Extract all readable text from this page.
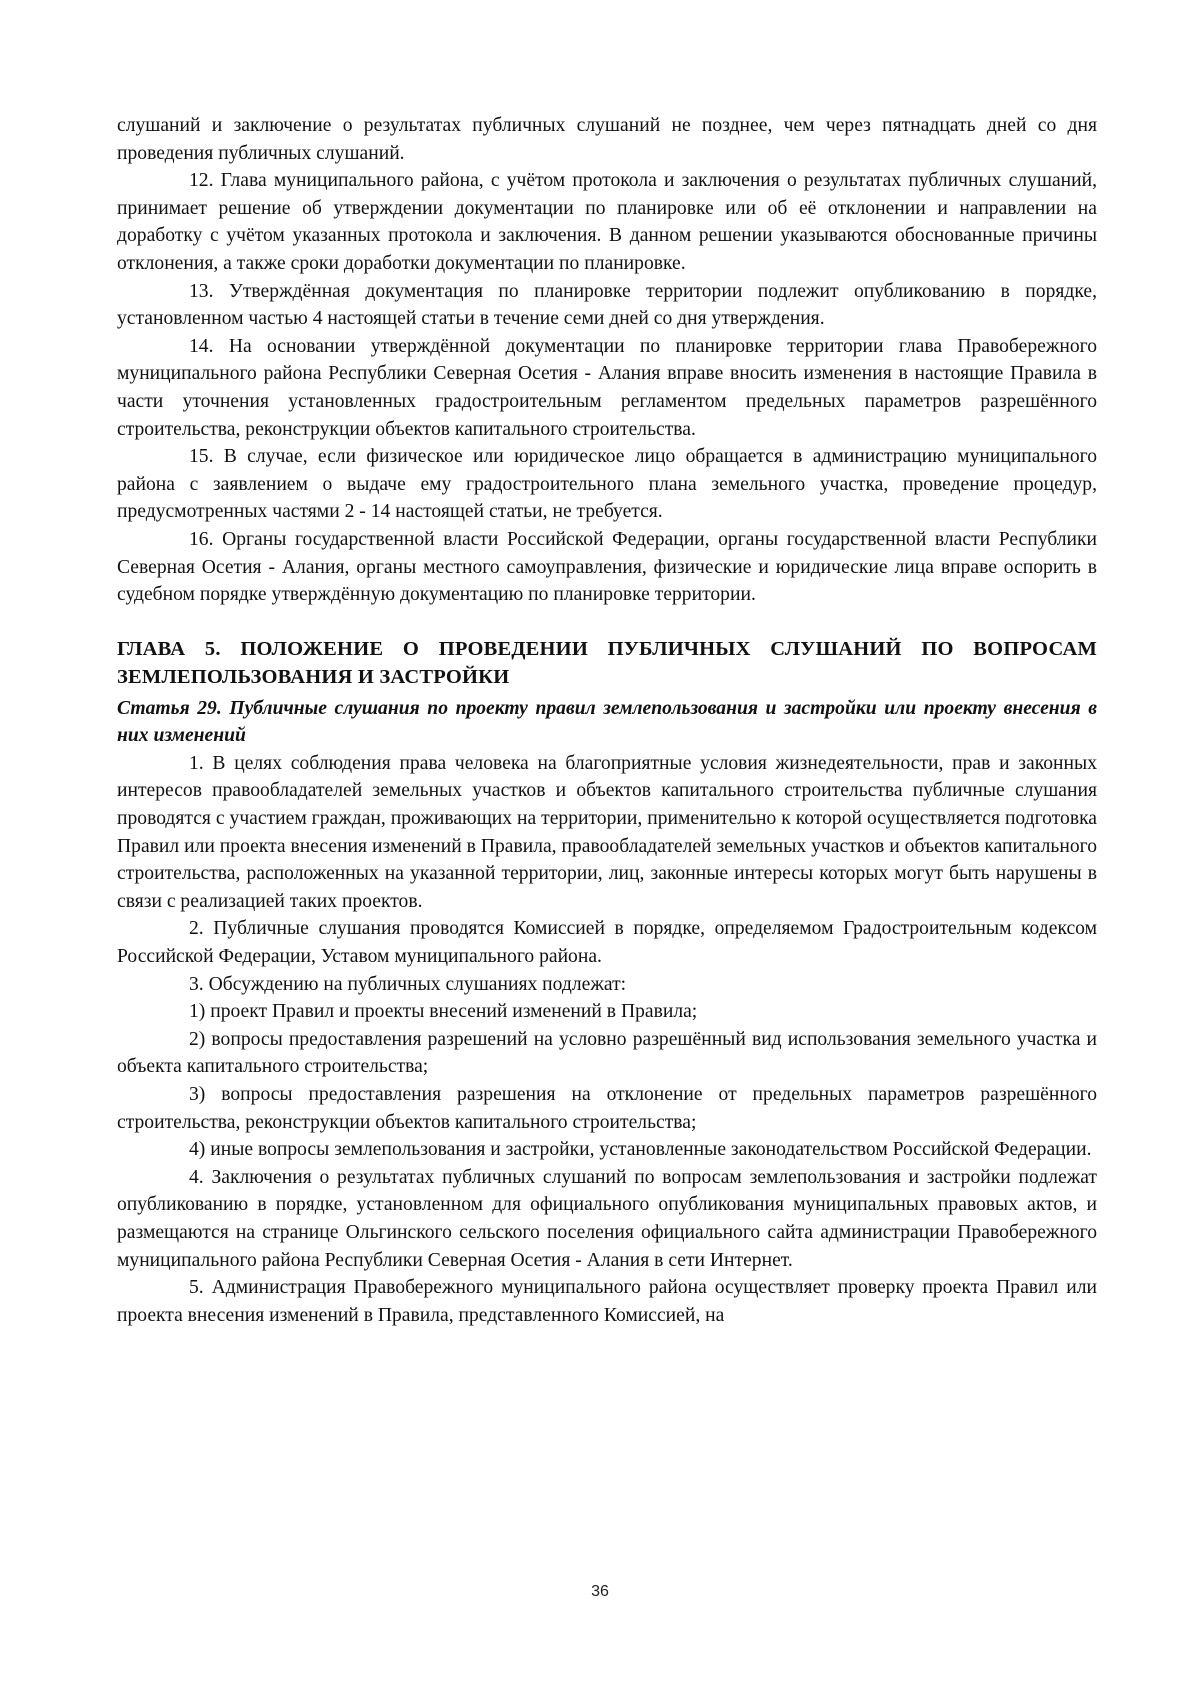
слушаний и заключение о результатах публичных слушаний не позднее, чем через пятнадцать дней со дня проведения публичных слушаний.

12. Глава муниципального района, с учётом протокола и заключения о результатах публичных слушаний, принимает решение об утверждении документации по планировке или об её отклонении и направлении на доработку с учётом указанных протокола и заключения. В данном решении указываются обоснованные причины отклонения, а также сроки доработки документации по планировке.

13. Утверждённая документация по планировке территории подлежит опубликованию в порядке, установленном частью 4 настоящей статьи в течение семи дней со дня утверждения.

14. На основании утверждённой документации по планировке территории глава Правобережного муниципального района Республики Северная Осетия - Алания вправе вносить изменения в настоящие Правила в части уточнения установленных градостроительным регламентом предельных параметров разрешённого строительства, реконструкции объектов капитального строительства.

15. В случае, если физическое или юридическое лицо обращается в администрацию муниципального района с заявлением о выдаче ему градостроительного плана земельного участка, проведение процедур, предусмотренных частями 2 - 14 настоящей статьи, не требуется.

16. Органы государственной власти Российской Федерации, органы государственной власти Республики Северная Осетия - Алания, органы местного самоуправления, физические и юридические лица вправе оспорить в судебном порядке утверждённую документацию по планировке территории.

ГЛАВА 5. ПОЛОЖЕНИЕ О ПРОВЕДЕНИИ ПУБЛИЧНЫХ СЛУШАНИЙ ПО ВОПРОСАМ ЗЕМЛЕПОЛЬЗОВАНИЯ И ЗАСТРОЙКИ
Статья 29. Публичные слушания по проекту правил землепользования и застройки или проекту внесения в них изменений

1. В целях соблюдения права человека на благоприятные условия жизнедеятельности, прав и законных интересов правообладателей земельных участков и объектов капитального строительства публичные слушания проводятся с участием граждан, проживающих на территории, применительно к которой осуществляется подготовка Правил или проекта внесения изменений в Правила, правообладателей земельных участков и объектов капитального строительства, расположенных на указанной территории, лиц, законные интересы которых могут быть нарушены в связи с реализацией таких проектов.

2. Публичные слушания проводятся Комиссией в порядке, определяемом Градостроительным кодексом Российской Федерации, Уставом муниципального района.

3. Обсуждению на публичных слушаниях подлежат:

1) проект Правил и проекты внесений изменений в Правила;

2) вопросы предоставления разрешений на условно разрешённый вид использования земельного участка и объекта капитального строительства;

3) вопросы предоставления разрешения на отклонение от предельных параметров разрешённого строительства, реконструкции объектов капитального строительства;

4) иные вопросы землепользования и застройки, установленные законодательством Российской Федерации.

4. Заключения о результатах публичных слушаний по вопросам землепользования и застройки подлежат опубликованию в порядке, установленном для официального опубликования муниципальных правовых актов, и размещаются на странице Ольгинского сельского поселения официального сайта администрации Правобережного муниципального района Республики Северная Осетия - Алания в сети Интернет.

5. Администрация Правобережного муниципального района осуществляет проверку проекта Правил или проекта внесения изменений в Правила, представленного Комиссией, на

36
